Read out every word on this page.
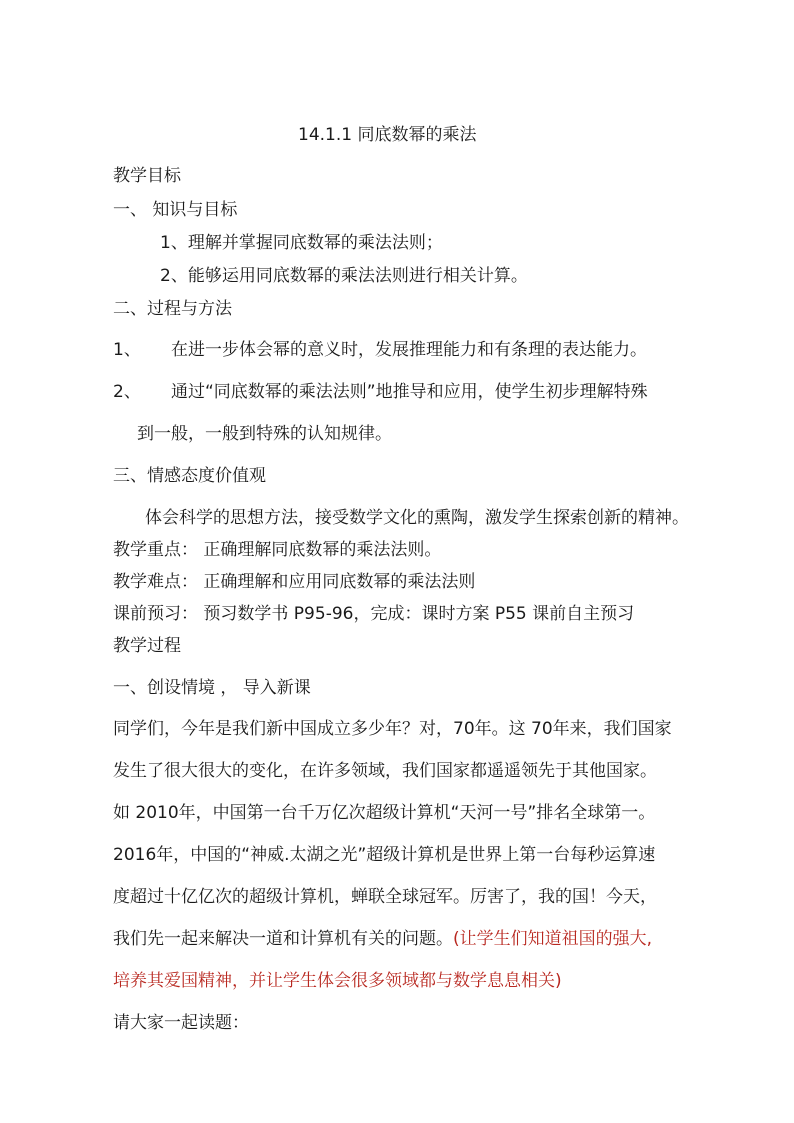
14.1.1 同底数幂的乘法
教学目标
一、 知识与目标
1、理解并掌握同底数幂的乘法法则；
2、能够运用同底数幂的乘法法则进行相关计算。
二、过程与方法
1、 在进一步体会幂的意义时，发展推理能力和有条理的表达能力。
2、 通过“同底数幂的乘法法则”地推导和应用，使学生初步理解特殊
到一般，一般到特殊的认知规律。
三、情感态度价值观
体会科学的思想方法，接受数学文化的熏陶，激发学生探索创新的精神。
教学重点： 正确理解同底数幂的乘法法则。
教学难点： 正确理解和应用同底数幂的乘法法则
课前预习： 预习数学书 P95-96，完成：课时方案 P55 课前自主预习
教学过程
一、创设情境 ， 导入新课
同学们，今年是我们新中国成立多少年？对，70年。这 70年来，我们国家
发生了很大很大的变化，在许多领域，我们国家都遥遥领先于其他国家。
如 2010年，中国第一台千万亿次超级计算机“天河一号”排名全球第一。
2016年，中国的“神威.太湖之光”超级计算机是世界上第一台每秒运算速
度超过十亿亿次的超级计算机，蝉联全球冠军。厉害了，我的国！今天，
我们先一起来解决一道和计算机有关的问题。(让学生们知道祖国的强大,
培养其爱国精神，并让学生体会很多领域都与数学息息相关)
请大家一起读题：
